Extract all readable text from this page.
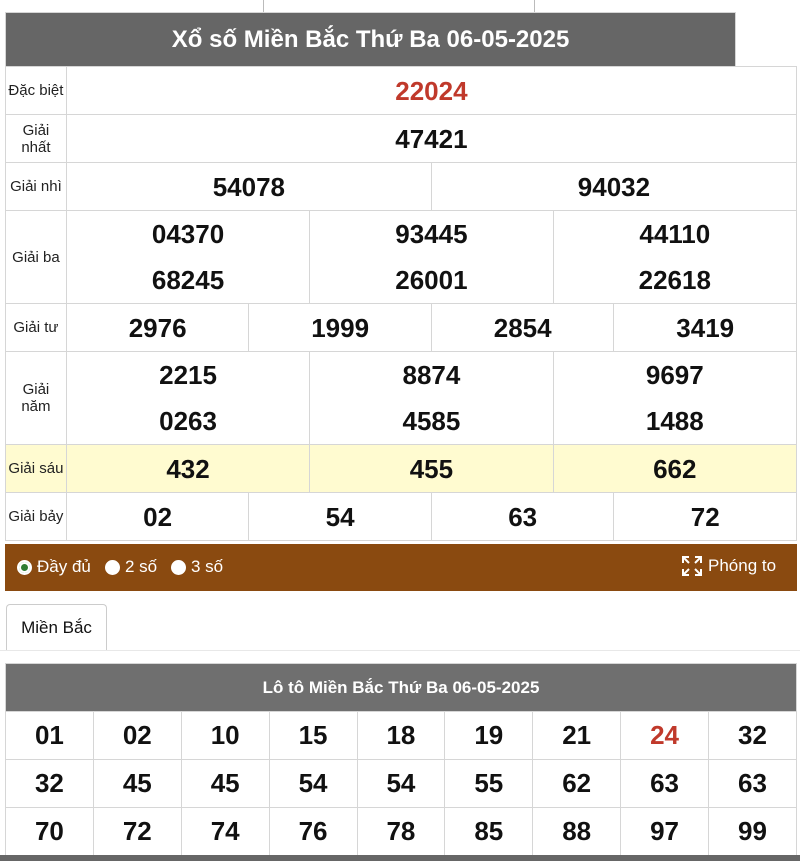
Xổ số Miền Bắc Thứ Ba 06-05-2025						
Đặc biệt	22024					
Giải nhất	47421					
Giải nhì	54078			94032		
Giải ba	04370		93445		44110	
	68245		26001		22618	
Giải tư	2976	1999		2854		3419
Giải năm	2215		8874		9697	
	0263		4585		1488	
Giải sáu	432		455		662	
Giải bảy	02	54		63		72
Đầy đủ 2 số 3 số	Phóng to
Miền Bắc
Lô tô Miền Bắc Thứ Ba 06-05-2025								
01	02	10	15	18	19	21	24	32
32	45	45	54	54	55	62	63	63
70	72	74	76	78	85	88	97	99
